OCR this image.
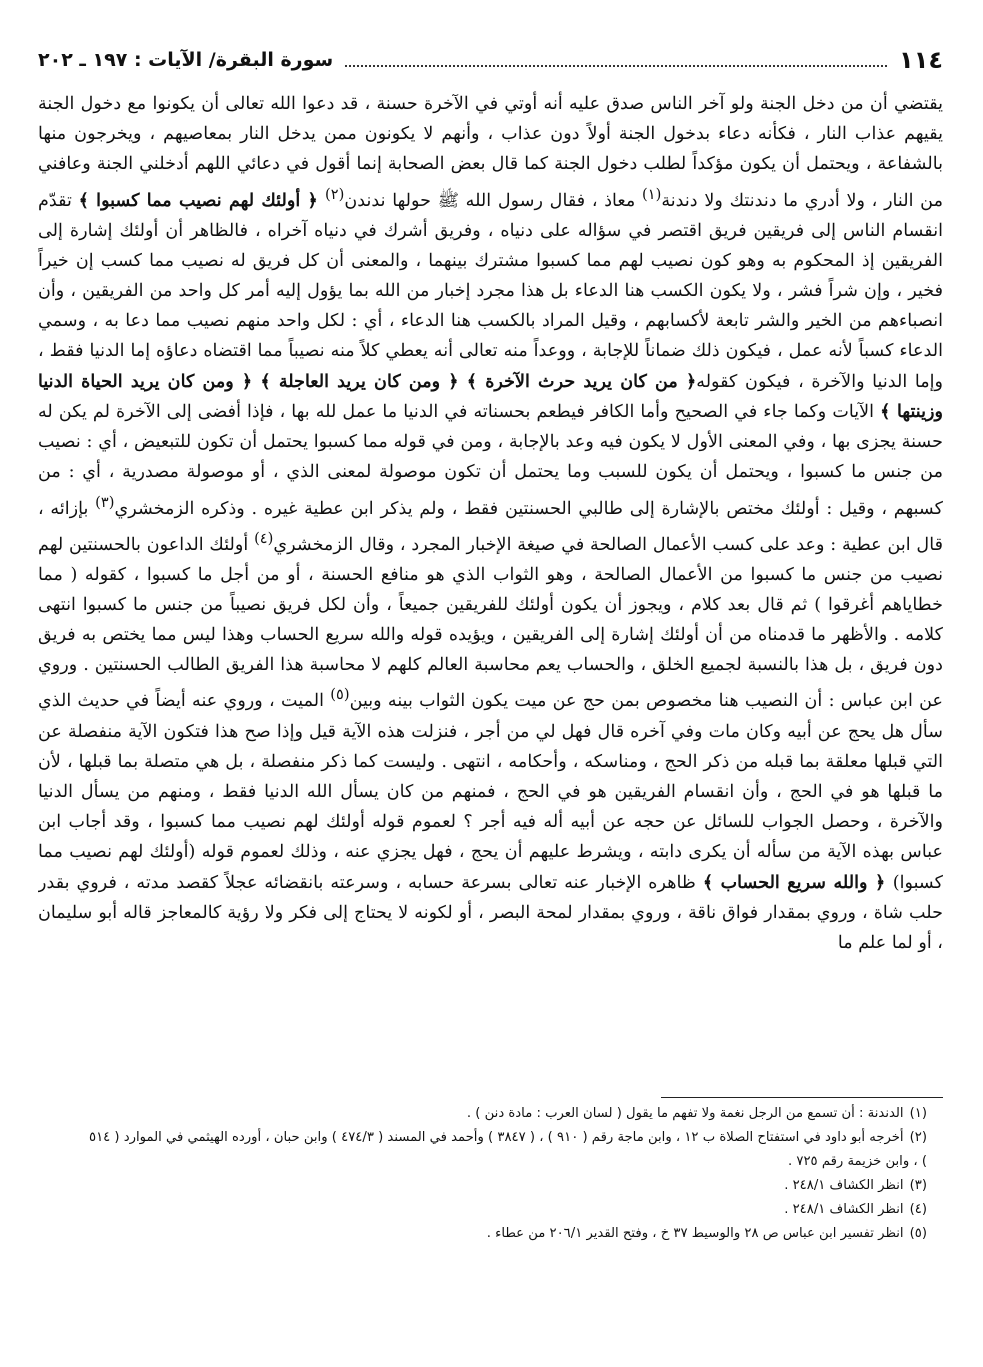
١١٤
سورة البقرة/ الآيات : ١٩٧ ـ ٢٠٢

يقتضي أن من دخل الجنة ولو آخر الناس صدق عليه أنه أوتي في الآخرة حسنة ، قد دعوا الله تعالى أن يكونوا مع دخول الجنة يقيهم عذاب النار ، فكأنه دعاء بدخول الجنة أولاً دون عذاب ، وأنهم لا يكونون ممن يدخل النار بمعاصيهم ، ويخرجون منها بالشفاعة ، ويحتمل أن يكون مؤكداً لطلب دخول الجنة كما قال بعض الصحابة إنما أقول في دعائي اللهم أدخلني الجنة وعافني من النار ، ولا أدري ما دندنتك ولا دندنة$^{(١)}$ معاذ ، فقال رسول الله ﷺ حولها ندندن$^{(٢)}$ ﴿ أولئك لهم نصيب مما كسبوا ﴾ تقدّم انقسام الناس إلى فريقين فريق اقتصر في سؤاله على دنياه ، وفريق أشرك في دنياه آخراه ، فالظاهر أن أولئك إشارة إلى الفريقين إذ المحكوم به وهو كون نصيب لهم مما كسبوا مشترك بينهما ، والمعنى أن كل فريق له نصيب مما كسب إن خيراً فخير ، وإن شراً فشر ، ولا يكون الكسب هنا الدعاء بل هذا مجرد إخبار من الله بما يؤول إليه أمر كل واحد من الفريقين ، وأن انصباءهم من الخير والشر تابعة لأكسابهم ، وقيل المراد بالكسب هنا الدعاء ، أي : لكل واحد منهم نصيب مما دعا به ، وسمي الدعاء كسباً لأنه عمل ، فيكون ذلك ضماناً للإجابة ، ووعداً منه تعالى أنه يعطي كلاً منه نصيباً مما اقتضاه دعاؤه إما الدنيا فقط ، وإما الدنيا والآخرة ، فيكون كقوله﴿ من كان يريد حرث الآخرة ﴾ ﴿ ومن كان يريد العاجلة ﴾ ﴿ ومن كان يريد الحياة الدنيا وزينتها ﴾ الآيات وكما جاء في الصحيح وأما الكافر فيطعم بحسناته في الدنيا ما عمل لله بها ، فإذا أفضى إلى الآخرة لم يكن له حسنة يجزى بها ، وفي المعنى الأول لا يكون فيه وعد بالإجابة ، ومن في قوله مما كسبوا يحتمل أن تكون للتبعيض ، أي : نصيب من جنس ما كسبوا ، ويحتمل أن يكون للسبب وما يحتمل أن تكون موصولة لمعنى الذي ، أو موصولة مصدرية ، أي : من كسبهم ، وقيل : أولئك مختص بالإشارة إلى طالبي الحسنتين فقط ، ولم يذكر ابن عطية غيره . وذكره الزمخشري$^{(٣)}$ بإزائه ، قال ابن عطية : وعد على كسب الأعمال الصالحة في صيغة الإخبار المجرد ، وقال الزمخشري$^{(٤)}$ أولئك الداعون بالحسنتين لهم نصيب من جنس ما كسبوا من الأعمال الصالحة ، وهو الثواب الذي هو منافع الحسنة ، أو من أجل ما كسبوا ، كقوله ( مما خطاياهم أغرقوا ) ثم قال بعد كلام ، ويجوز أن يكون أولئك للفريقين جميعاً ، وأن لكل فريق نصيباً من جنس ما كسبوا انتهى كلامه . والأظهر ما قدمناه من أن أولئك إشارة إلى الفريقين ، ويؤيده قوله والله سريع الحساب وهذا ليس مما يختص به فريق دون فريق ، بل هذا بالنسبة لجميع الخلق ، والحساب يعم محاسبة العالم كلهم لا محاسبة هذا الفريق الطالب الحسنتين . وروي عن ابن عباس : أن النصيب هنا مخصوص بمن حج عن ميت يكون الثواب بينه وبين$^{(٥)}$ الميت ، وروي عنه أيضاً في حديث الذي سأل هل يحج عن أبيه وكان مات وفي آخره قال فهل لي من أجر ، فنزلت هذه الآية قيل وإذا صح هذا فتكون الآية منفصلة عن التي قبلها معلقة بما قبله من ذكر الحج ، ومناسكه ، وأحكامه ، انتهى . وليست كما ذكر منفصلة ، بل هي متصلة بما قبلها ، لأن ما قبلها هو في الحج ، وأن انقسام الفريقين هو في الحج ، فمنهم من كان يسأل الله الدنيا فقط ، ومنهم من يسأل الدنيا والآخرة ، وحصل الجواب للسائل عن حجه عن أبيه أله فيه أجر ؟ لعموم قوله أولئك لهم نصيب مما كسبوا ، وقد أجاب ابن عباس بهذه الآية من سأله أن يكرى دابته ، ويشرط عليهم أن يحج ، فهل يجزي عنه ، وذلك لعموم قوله (أولئك لهم نصيب مما كسبوا) ﴿ والله سريع الحساب ﴾ ظاهره الإخبار عنه تعالى بسرعة حسابه ، وسرعته بانقضائه عجلاً كقصد مدته ، فروي بقدر حلب شاة ، وروي بمقدار فواق ناقة ، وروي بمقدار لمحة البصر ، أو لكونه لا يحتاج إلى فكر ولا رؤية كالمعاجز قاله أبو سليمان ، أو لما علم ما

(١)الدندنة : أن تسمع من الرجل نغمة ولا تفهم ما يقول ( لسان العرب : مادة دنن ) .

(٢)أخرجه أبو داود في استفتاح الصلاة ب ١٢ ، وابن ماجة رقم ( ٩١٠ ) ، ( ٣٨٤٧ ) وأحمد في المسند ( ٤٧٤/٣ ) وابن حبان ، أورده الهيثمي في الموارد ( ٥١٤ ) ، وابن خزيمة رقم ٧٢٥ .

(٣)انظر الكشاف ٢٤٨/١ .

(٤)انظر الكشاف ٢٤٨/١ .

(٥)انظر تفسير ابن عباس ص ٢٨ والوسيط ٣٧ خ ، وفتح القدير ٢٠٦/١ من عطاء .
